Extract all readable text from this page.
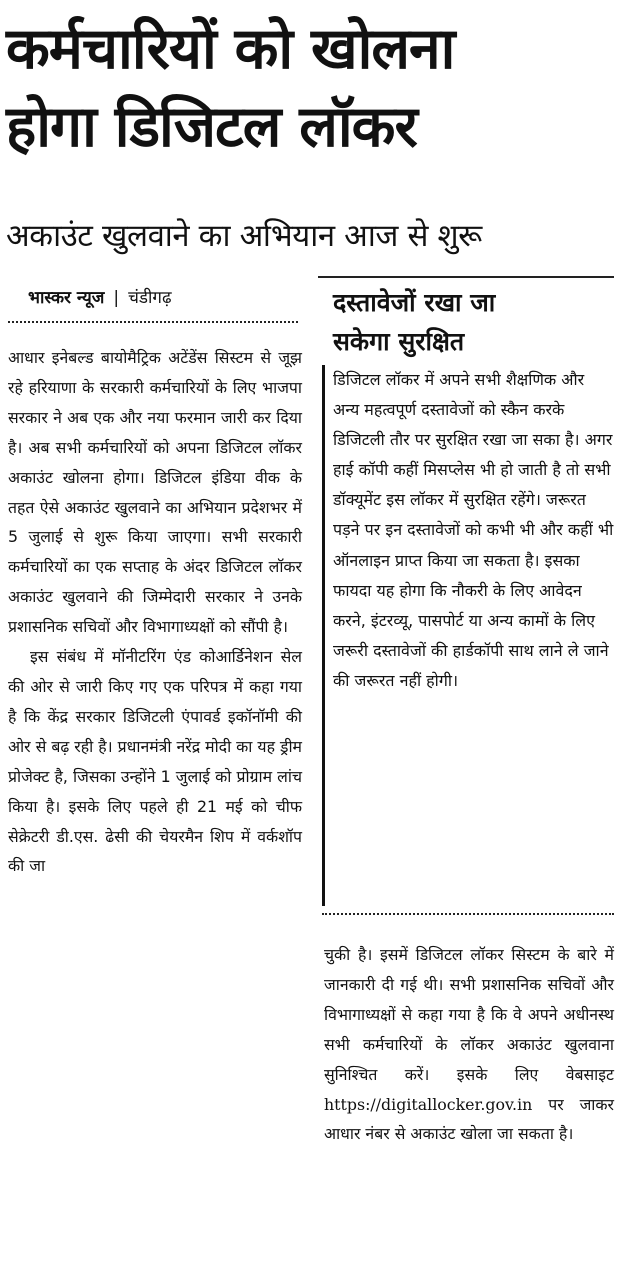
कर्मचारियों को खोलना
होगा डिजिटल लॉकर
अकाउंट खुलवाने का अभियान आज से शुरू
भास्कर न्यूज | चंडीगढ़

आधार इनेबल्ड बायोमैट्रिक अटेंडेंस सिस्टम से जूझ रहे हरियाणा के सरकारी कर्मचारियों के लिए भाजपा सरकार ने अब एक और नया फरमान जारी कर दिया है। अब सभी कर्मचारियों को अपना डिजिटल लॉकर अकाउंट खोलना होगा। डिजिटल इंडिया वीक के तहत ऐसे अकाउंट खुलवाने का अभियान प्रदेशभर में 5 जुलाई से शुरू किया जाएगा। सभी सरकारी कर्मचारियों का एक सप्ताह के अंदर डिजिटल लॉकर अकाउंट खुलवाने की जिम्मेदारी सरकार ने उनके प्रशासनिक सचिवों और विभागाध्यक्षों को सौंपी है।

इस संबंध में मॉनीटरिंग एंड कोआर्डिनेशन सेल की ओर से जारी किए गए एक परिपत्र में कहा गया है कि केंद्र सरकार डिजिटली एंपावर्ड इकॉनॉमी की ओर से बढ़ रही है। प्रधानमंत्री नरेंद्र मोदी का यह ड्रीम प्रोजेक्ट है, जिसका उन्होंने 1 जुलाई को प्रोग्राम लांच किया है। इसके लिए पहले ही 21 मई को चीफ सेक्रेटरी डी.एस. ढेसी की चेयरमैन शिप में वर्कशॉप की जा

दस्तावेजों रखा जा
सकेगा सुरक्षित

डिजिटल लॉकर में अपने सभी शैक्षणिक और अन्य महत्वपूर्ण दस्तावेजों को स्कैन करके डिजिटली तौर पर सुरक्षित रखा जा सका है। अगर हाई कॉपी कहीं मिसप्लेस भी हो जाती है तो सभी डॉक्यूमेंट इस लॉकर में सुरक्षित रहेंगे। जरूरत पड़ने पर इन दस्तावेजों को कभी भी और कहीं भी ऑनलाइन प्राप्त किया जा सकता है। इसका फायदा यह होगा कि नौकरी के लिए आवेदन करने, इंटरव्यू, पासपोर्ट या अन्य कामों के लिए जरूरी दस्तावेजों की हार्डकॉपी साथ लाने ले जाने की जरूरत नहीं होगी।

चुकी है। इसमें डिजिटल लॉकर सिस्टम के बारे में जानकारी दी गई थी। सभी प्रशासनिक सचिवों और विभागाध्यक्षों से कहा गया है कि वे अपने अधीनस्थ सभी कर्मचारियों के लॉकर अकाउंट खुलवाना सुनिश्चित करें। इसके लिए वेबसाइट https://digitallocker.gov.in पर जाकर आधार नंबर से अकाउंट खोला जा सकता है।
